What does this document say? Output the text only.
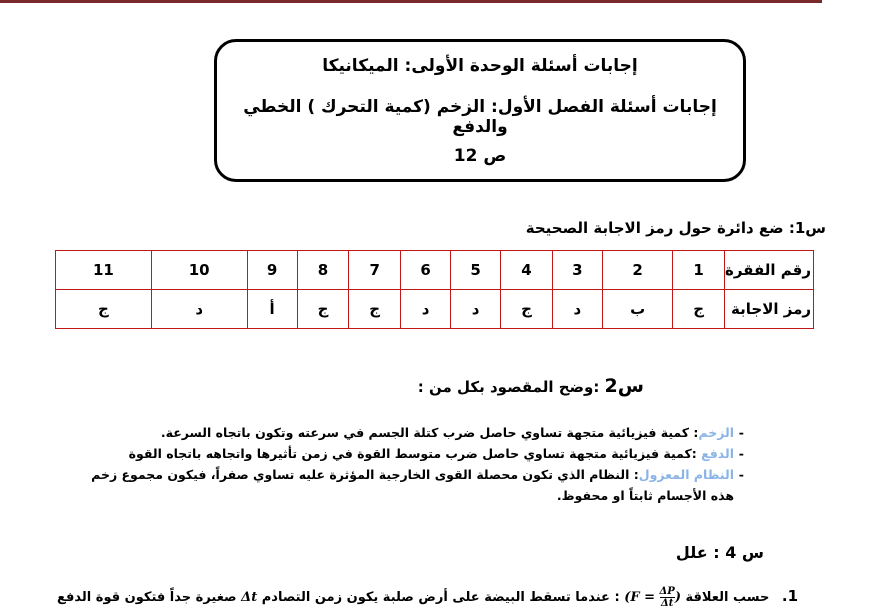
إجابات أسئلة الوحدة الأولى: الميكانيكا
إجابات أسئلة الفصل الأول: الزخم (كمية التحرك ) الخطي والدفع
ص 12
س1: ضع دائرة حول رمز الاجابة الصحيحة
رقم الفقرة	1	2	3	4	5	6	7	8	9	10	11
رمز الاجابة	ج	ب	د	ج	د	د	ج	ج	أ	د	ج
س2 :وضح المقصود بكل من :
-
الزخم: كمية فيزيائية متجهة تساوي حاصل ضرب كتلة الجسم في سرعته وتكون باتجاه السرعة.
-
الدفع :كمية فيزيائية متجهة تساوي حاصل ضرب متوسط القوة في زمن تأثيرها واتجاهه باتجاه القوة
-
النظام المعزول: النظام الذي تكون محصلة القوى الخارجية المؤثرة عليه تساوي صفراً، فيكون مجموع زخم هذه الأجسام ثابتاً او محفوظ.
س 4 : علل
1. حسب العلاقة ($F = \frac{\Delta P}{\Delta t}$ ) : عندما تسقط البيضة على أرض صلبة يكون زمن التصادم Δt صغيرة جداً فتكون قوة الدفع
